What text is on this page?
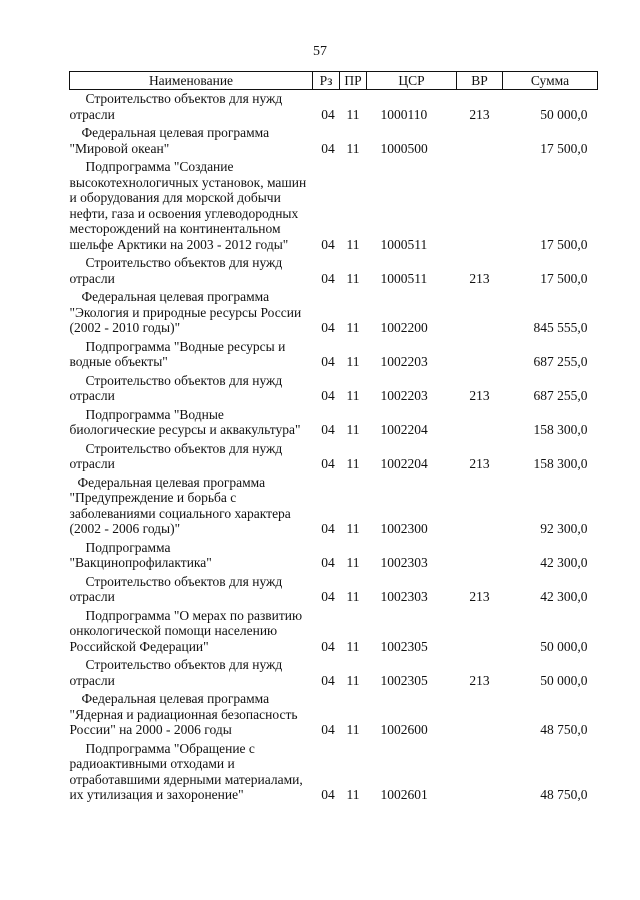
57
Наименование	Рз	ПР	ЦСР	ВР	Сумма
Строительство объектов для нужд отрасли	04	11	1000110	213	50 000,0
Федеральная целевая программа "Мировой океан"	04	11	1000500		17 500,0
Подпрограмма "Создание высокотехнологичных установок, машин и оборудования для морской добычи нефти, газа и освоения углеводородных месторождений на континентальном шельфе Арктики на 2003 - 2012 годы"	04	11	1000511		17 500,0
Строительство объектов для нужд отрасли	04	11	1000511	213	17 500,0
Федеральная целевая программа "Экология и природные ресурсы России (2002 - 2010 годы)"	04	11	1002200		845 555,0
Подпрограмма "Водные ресурсы и водные объекты"	04	11	1002203		687 255,0
Строительство объектов для нужд отрасли	04	11	1002203	213	687 255,0
Подпрограмма "Водные биологические ресурсы и аквакультура"	04	11	1002204		158 300,0
Строительство объектов для нужд отрасли	04	11	1002204	213	158 300,0
Федеральная целевая программа "Предупреждение и борьба с заболеваниями социального характера (2002 - 2006 годы)"	04	11	1002300		92 300,0
Подпрограмма "Вакцинопрофилактика"	04	11	1002303		42 300,0
Строительство объектов для нужд отрасли	04	11	1002303	213	42 300,0
Подпрограмма "О мерах по развитию онкологической помощи населению Российской Федерации"	04	11	1002305		50 000,0
Строительство объектов для нужд отрасли	04	11	1002305	213	50 000,0
Федеральная целевая программа "Ядерная и радиационная безопасность России" на 2000 - 2006 годы	04	11	1002600		48 750,0
Подпрограмма "Обращение с радиоактивными отходами и отработавшими ядерными материалами, их утилизация и захоронение"	04	11	1002601		48 750,0
